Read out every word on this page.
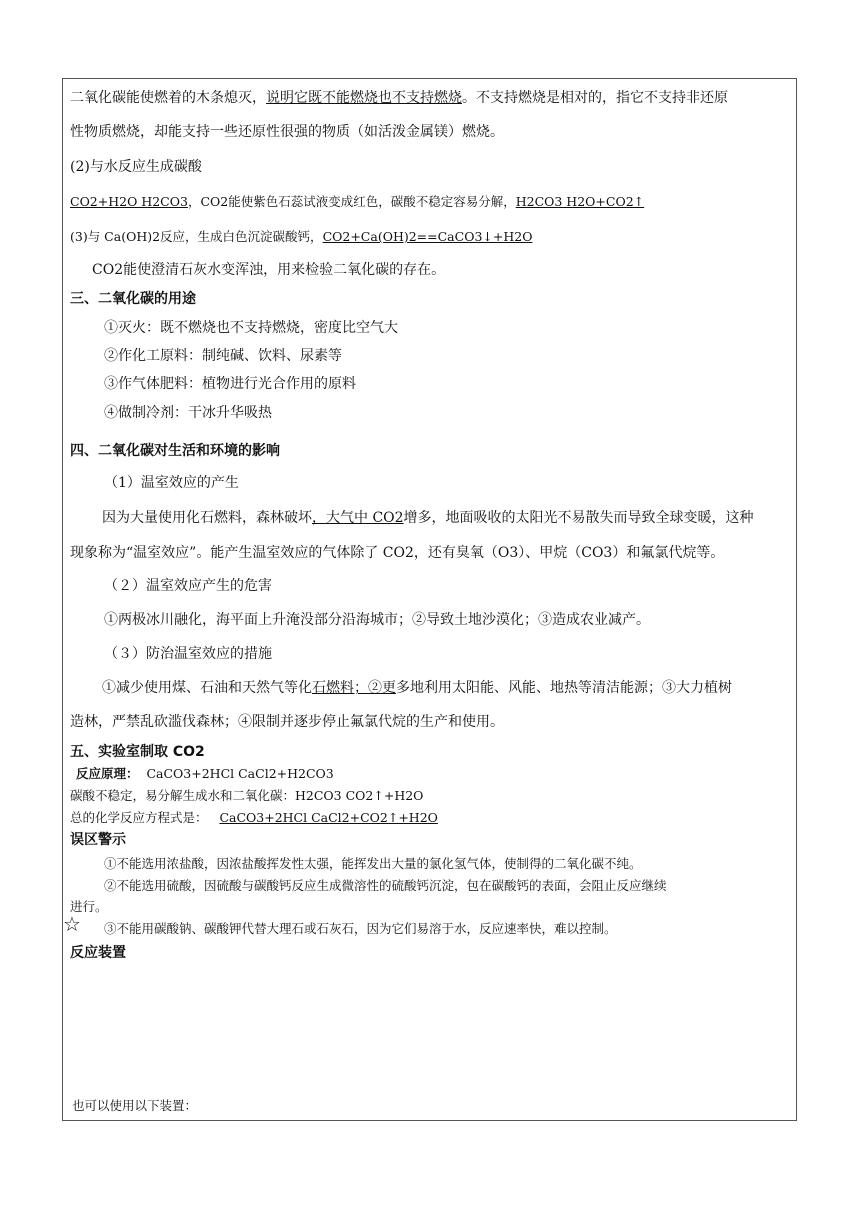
二氧化碳能使燃着的木条熄灭，说明它既不能燃烧也不支持燃烧。不支持燃烧是相对的，指它不支持非还原
性物质燃烧，却能支持一些还原性很强的物质（如活泼金属镁）燃烧。
(2)与水反应生成碳酸
CO2+H2O H2CO3，CO2能使紫色石蕊试液变成红色，碳酸不稳定容易分解，H2CO3 H2O+CO2↑
(3)与 Ca(OH)2反应，生成白色沉淀碳酸钙，CO2+Ca(OH)2==CaCO3↓+H2O
CO2能使澄清石灰水变浑浊，用来检验二氧化碳的存在。
三、二氧化碳的用途
①灭火：既不燃烧也不支持燃烧，密度比空气大
②作化工原料：制纯碱、饮料、尿素等
③作气体肥料：植物进行光合作用的原料
④做制冷剂：干冰升华吸热
四、二氧化碳对生活和环境的影响
（1）温室效应的产生
因为大量使用化石燃料，森林破坏，大气中 CO2增多，地面吸收的太阳光不易散失而导致全球变暖，这种
现象称为“温室效应”。能产生温室效应的气体除了 CO2，还有臭氧（O3）、甲烷（CO3）和氟氯代烷等。
（２）温室效应产生的危害
①两极冰川融化，海平面上升淹没部分沿海城市；②导致土地沙漠化；③造成农业减产。
（３）防治温室效应的措施
①减少使用煤、石油和天然气等化石燃料；②更多地利用太阳能、风能、地热等清洁能源；③大力植树
造林，严禁乱砍滥伐森林；④限制并逐步停止氟氯代烷的生产和使用。
五、实验室制取 CO2
反应原理： CaCO3+2HCl CaCl2+H2CO3
碳酸不稳定，易分解生成水和二氧化碳：H2CO3 CO2↑+H2O
总的化学反应方程式是： CaCO3+2HCl CaCl2+CO2↑+H2O
误区警示
①不能选用浓盐酸，因浓盐酸挥发性太强，能挥发出大量的氯化氢气体，使制得的二氧化碳不纯。
②不能选用硫酸，因硫酸与碳酸钙反应生成微溶性的硫酸钙沉淀，包在碳酸钙的表面，会阻止反应继续
进行。
☆ ③不能用碳酸钠、碳酸钾代替大理石或石灰石，因为它们易溶于水，反应速率快，难以控制。
反应装置
也可以使用以下装置：
